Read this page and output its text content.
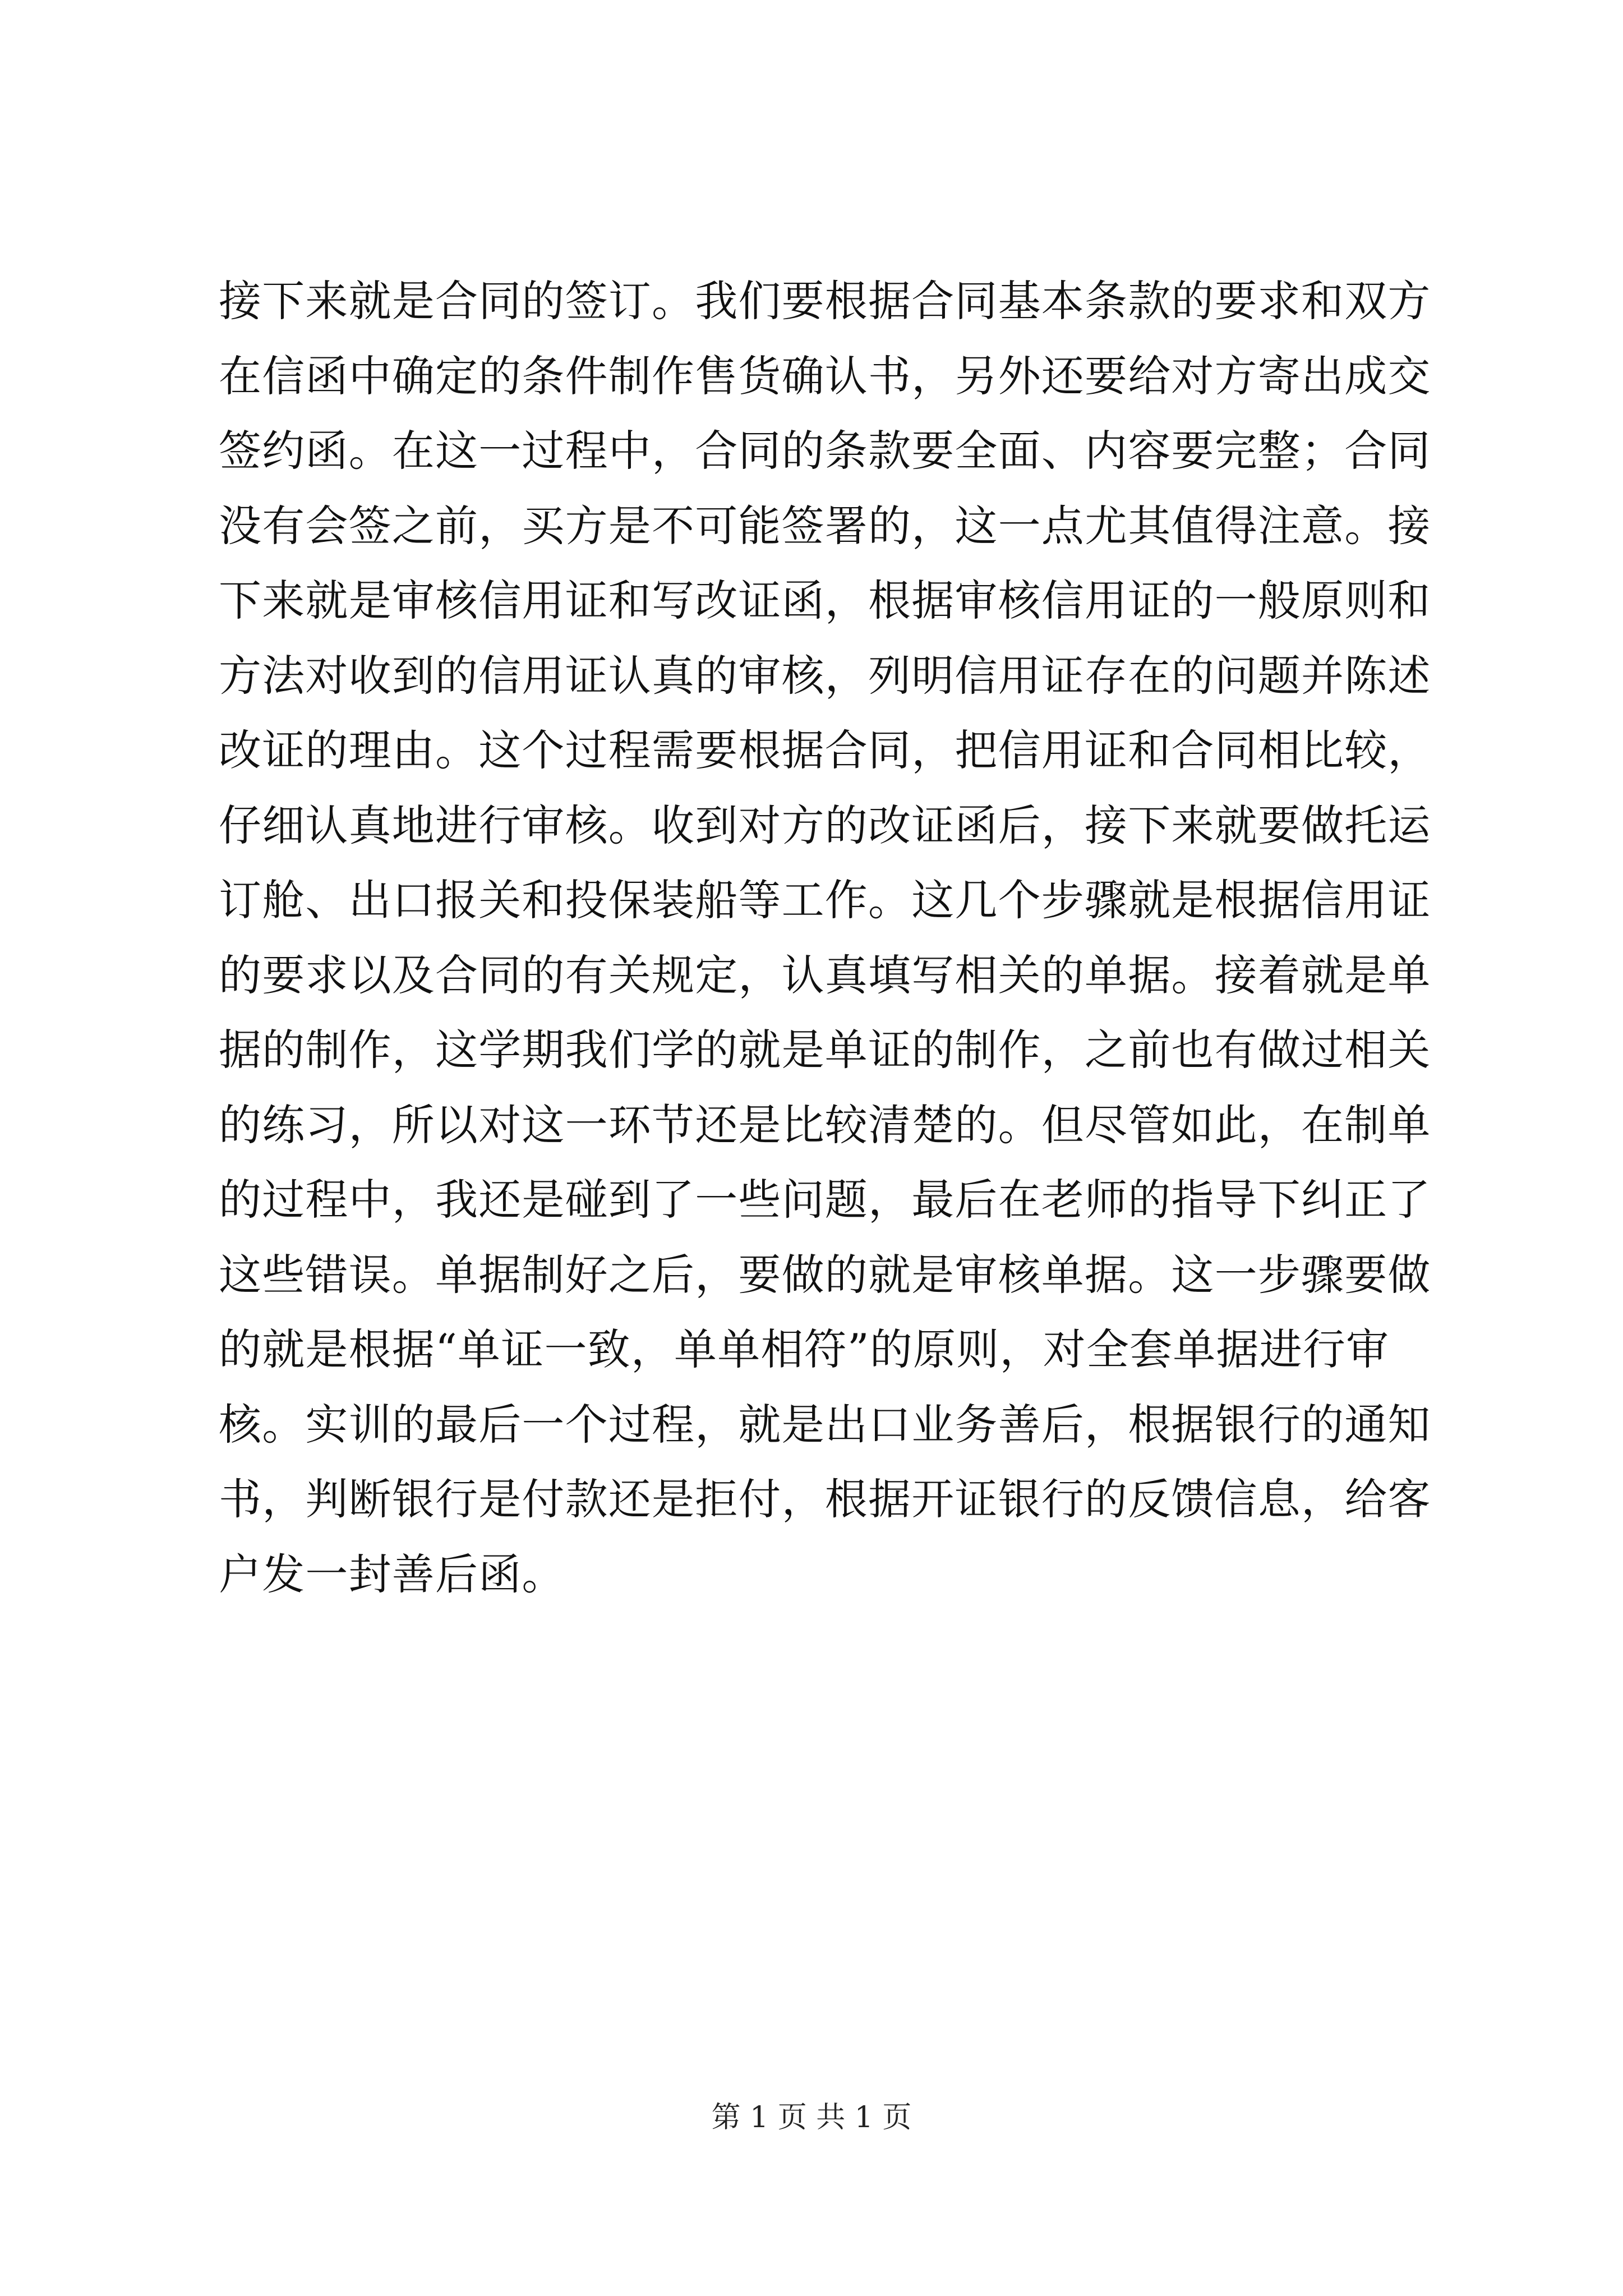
接下来就是合同的签订。我们要根据合同基本条款的要求和双方
在信函中确定的条件制作售货确认书，另外还要给对方寄出成交
签约函。在这一过程中，合同的条款要全面、内容要完整；合同
没有会签之前，买方是不可能签署的，这一点尤其值得注意。接
下来就是审核信用证和写改证函，根据审核信用证的一般原则和
方法对收到的信用证认真的审核，列明信用证存在的问题并陈述
改证的理由。这个过程需要根据合同，把信用证和合同相比较，
仔细认真地进行审核。收到对方的改证函后，接下来就要做托运
订舱、出口报关和投保装船等工作。这几个步骤就是根据信用证
的要求以及合同的有关规定，认真填写相关的单据。接着就是单
据的制作，这学期我们学的就是单证的制作，之前也有做过相关
的练习，所以对这一环节还是比较清楚的。但尽管如此，在制单
的过程中，我还是碰到了一些问题，最后在老师的指导下纠正了
这些错误。单据制好之后，要做的就是审核单据。这一步骤要做
的就是根据“单证一致，单单相符”的原则，对全套单据进行审
核。实训的最后一个过程，就是出口业务善后，根据银行的通知
书，判断银行是付款还是拒付，根据开证银行的反馈信息，给客
户发一封善后函。
第 1 页 共 1 页
